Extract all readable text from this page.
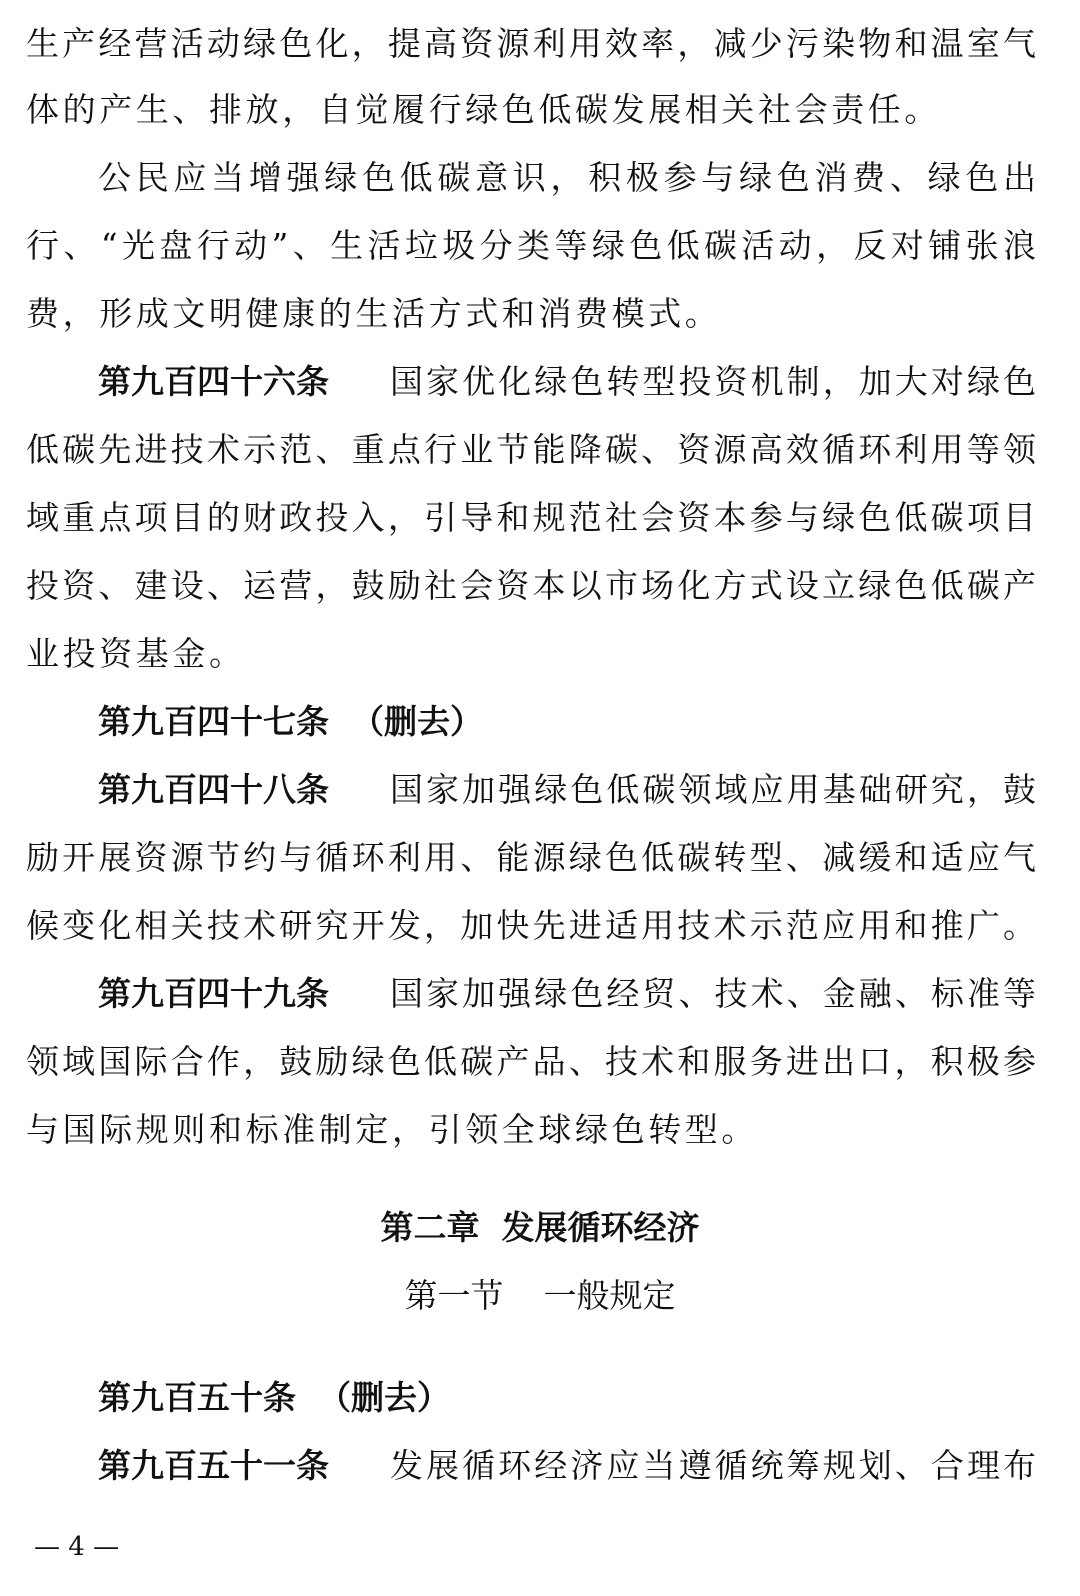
生产经营活动绿色化，提高资源利用效率，减少污染物和温室气
体的产生、排放，自觉履行绿色低碳发展相关社会责任。
公民应当增强绿色低碳意识，积极参与绿色消费、绿色出
行、“光盘行动”、生活垃圾分类等绿色低碳活动，反对铺张浪
费，形成文明健康的生活方式和消费模式。
第九百四十六条 国家优化绿色转型投资机制，加大对绿色
低碳先进技术示范、重点行业节能降碳、资源高效循环利用等领
域重点项目的财政投入，引导和规范社会资本参与绿色低碳项目
投资、建设、运营，鼓励社会资本以市场化方式设立绿色低碳产
业投资基金。
第九百四十七条 （删去）
第九百四十八条 国家加强绿色低碳领域应用基础研究，鼓
励开展资源节约与循环利用、能源绿色低碳转型、减缓和适应气
候变化相关技术研究开发，加快先进适用技术示范应用和推广。
第九百四十九条 国家加强绿色经贸、技术、金融、标准等
领域国际合作，鼓励绿色低碳产品、技术和服务进出口，积极参
与国际规则和标准制定，引领全球绿色转型。
第二章 发展循环经济
第一节 一般规定
第九百五十条 （删去）
第九百五十一条 发展循环经济应当遵循统筹规划、合理布
— 4 —
